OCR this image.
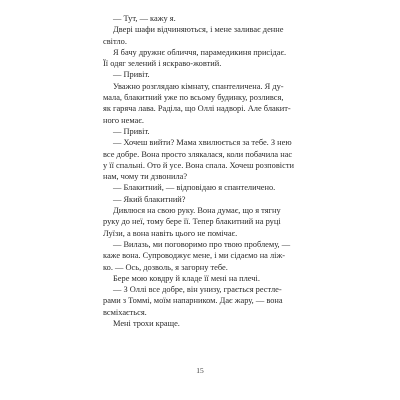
— Тут, — кажу я.
Двері шафи відчиняються, і мене заливає денне
світло.
Я бачу дружнє обличчя, парамедикиня присідає.
Її одяг зелений і яскраво-жовтий.
— Привіт.
Уважно розглядаю кімнату, спантеличена. Я ду-
мала, блакитний уже по всьому будинку, розлився,
як гаряча лава. Раділа, що Оллі надворі. Але блакит-
ного немає.
— Привіт.
— Хочеш вийти? Мама хвилюється за тебе. З нею
все добре. Вона просто злякалася, коли побачила нас
у її спальні. Ото й усе. Вона спала. Хочеш розповісти
нам, чому ти дзвонила?
— Блакитний, — відповідаю я спантеличено.
— Який блакитний?
Дивлюся на свою руку. Вона думає, що я тягну
руку до неї, тому бере її. Тепер блакитний на руці
Луїзи, а вона навіть цього не помічає.
— Вилазь, ми поговоримо про твою проблему, —
каже вона. Супроводжує мене, і ми сідаємо на ліж-
ко. — Ось, дозволь, я загорну тебе.
Бере мою ковдру й кладе її мені на плечі.
— З Оллі все добре, він унизу, грається рестле-
рами з Томмі, моїм напарником. Дає жару, — вона
всміхається.
Мені трохи краще.
15
